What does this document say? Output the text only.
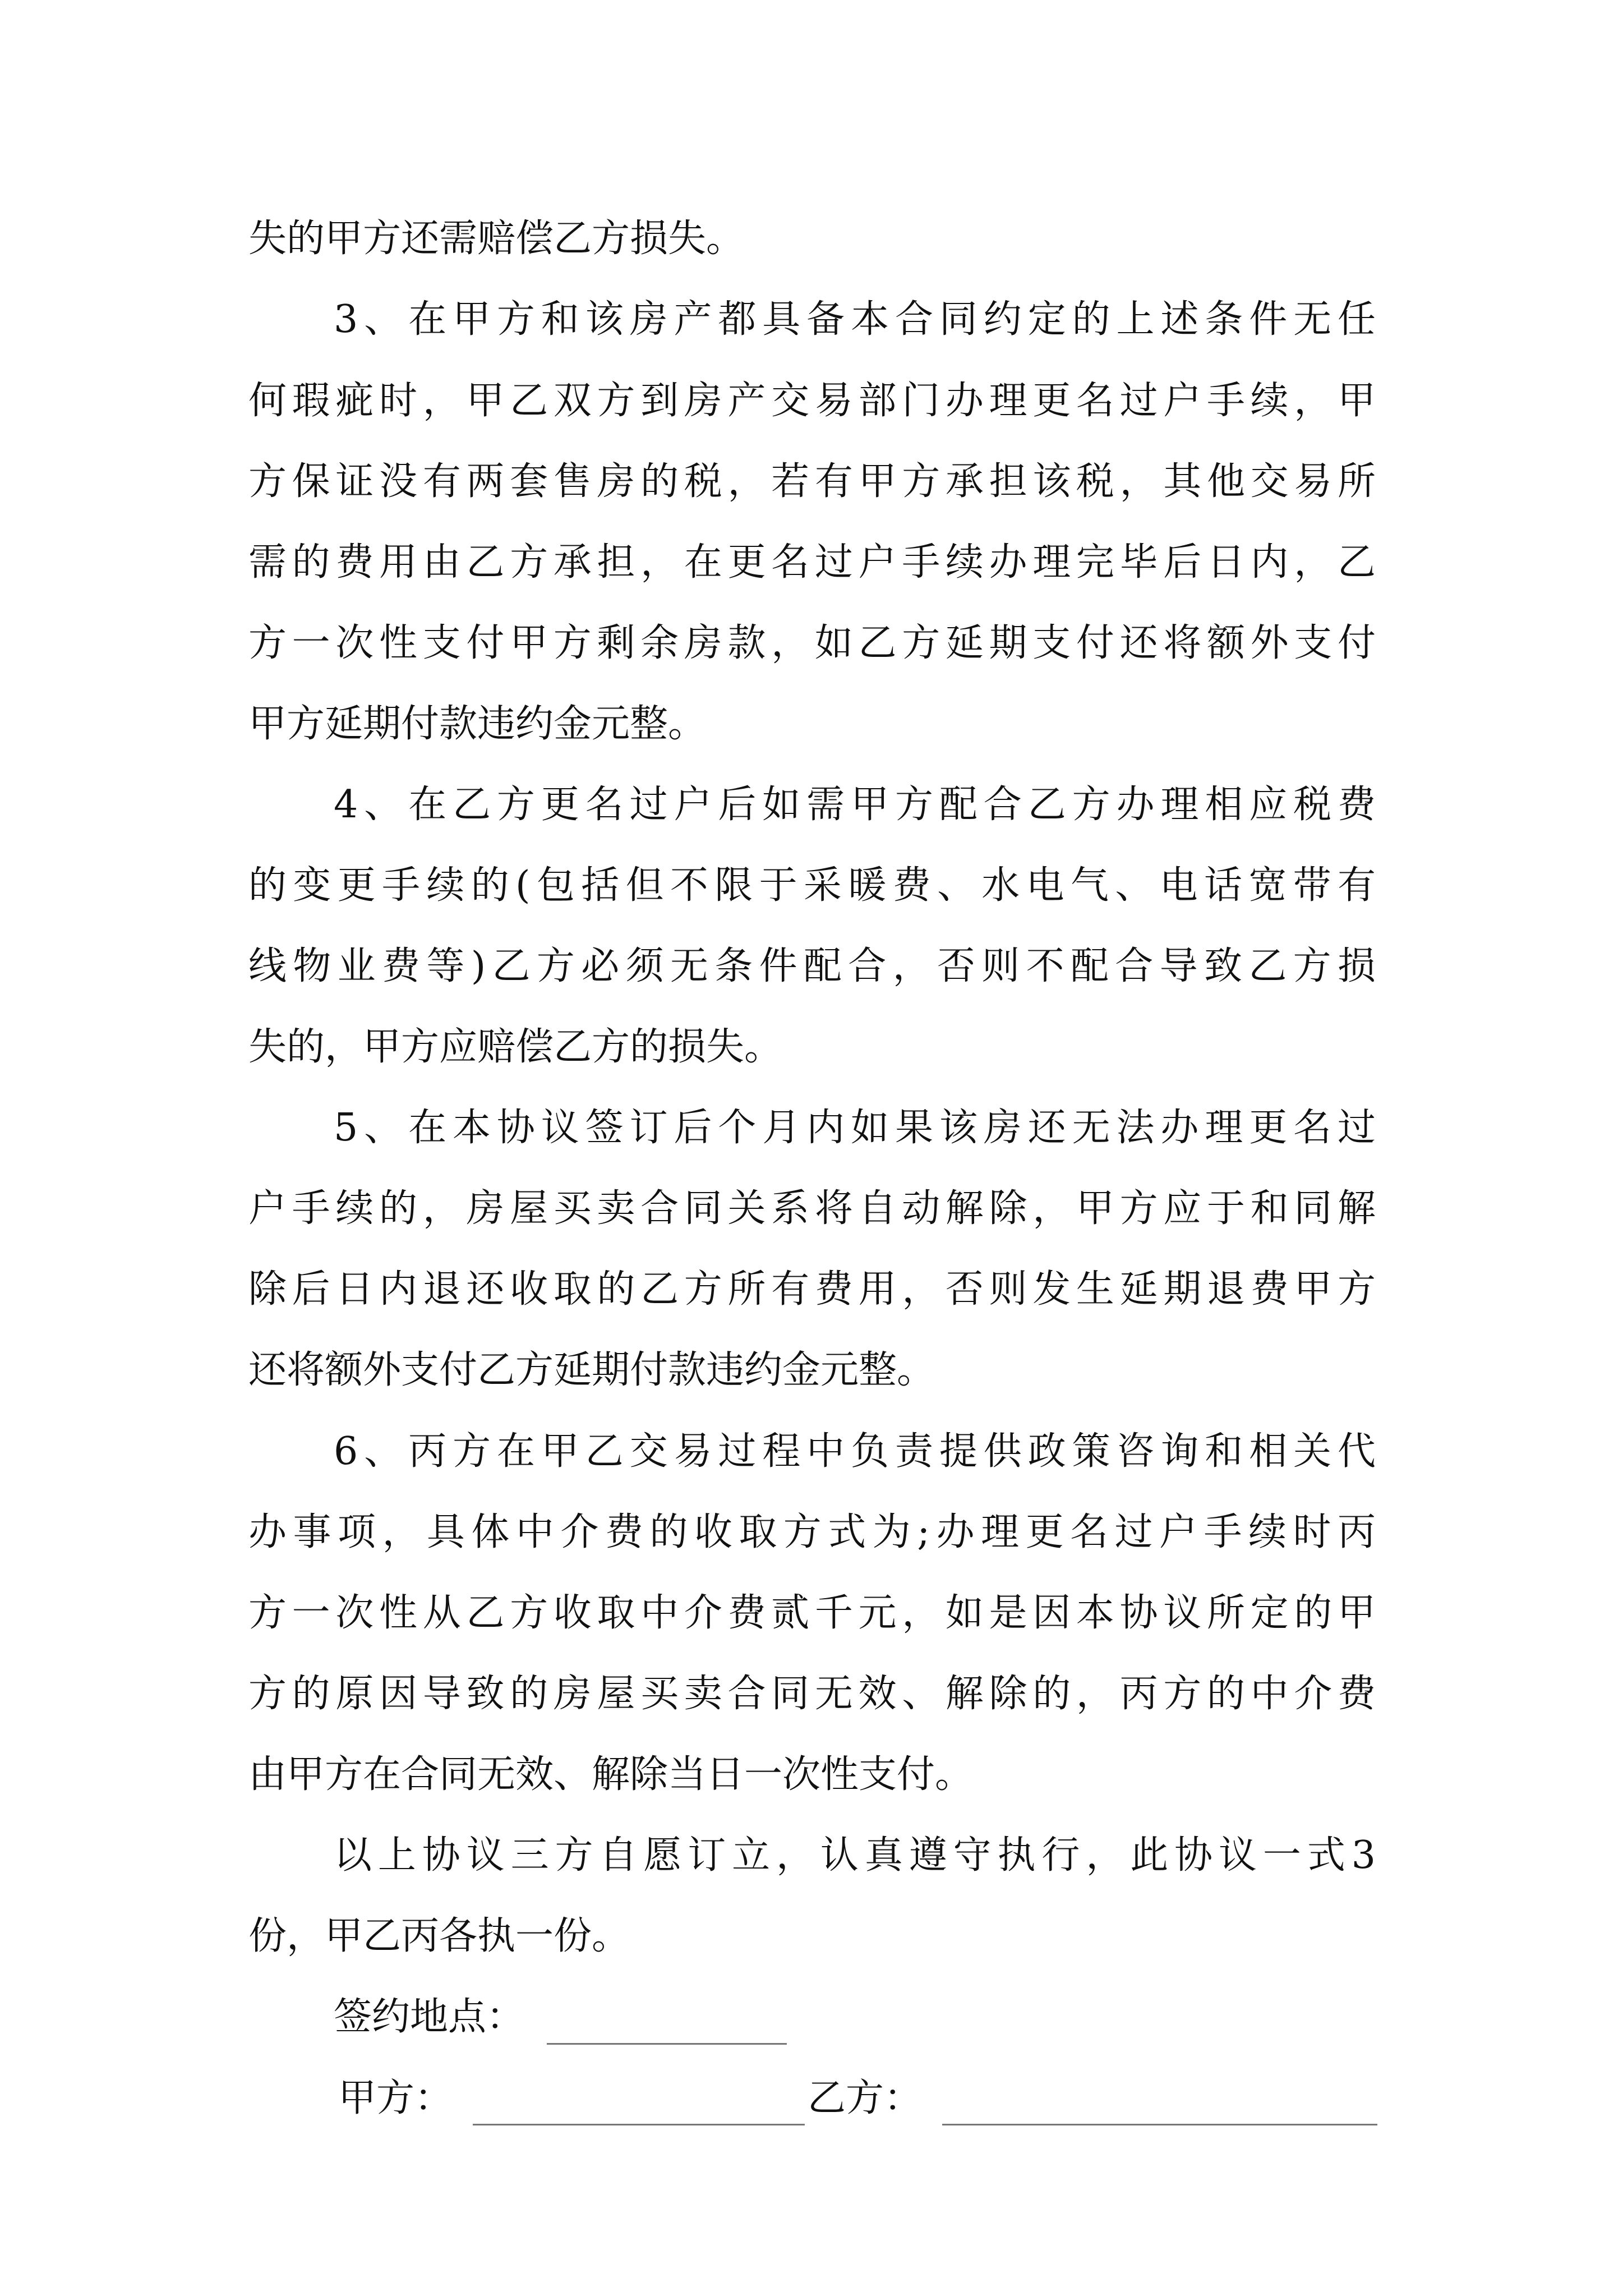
失的甲方还需赔偿乙方损失。
3、在甲方和该房产都具备本合同约定的上述条件无任
何瑕疵时，甲乙双方到房产交易部门办理更名过户手续，甲
方保证没有两套售房的税，若有甲方承担该税，其他交易所
需的费用由乙方承担，在更名过户手续办理完毕后日内，乙
方一次性支付甲方剩余房款，如乙方延期支付还将额外支付
甲方延期付款违约金元整。
4、在乙方更名过户后如需甲方配合乙方办理相应税费
的变更手续的(包括但不限于采暖费、水电气、电话宽带有
线物业费等)乙方必须无条件配合，否则不配合导致乙方损
失的，甲方应赔偿乙方的损失。
5、在本协议签订后个月内如果该房还无法办理更名过
户手续的，房屋买卖合同关系将自动解除，甲方应于和同解
除后日内退还收取的乙方所有费用，否则发生延期退费甲方
还将额外支付乙方延期付款违约金元整。
6、丙方在甲乙交易过程中负责提供政策咨询和相关代
办事项，具体中介费的收取方式为;办理更名过户手续时丙
方一次性从乙方收取中介费贰千元，如是因本协议所定的甲
方的原因导致的房屋买卖合同无效、解除的，丙方的中介费
由甲方在合同无效、解除当日一次性支付。
以上协议三方自愿订立，认真遵守执行，此协议一式3
份，甲乙丙各执一份。
签约地点：
甲方：	乙方：
